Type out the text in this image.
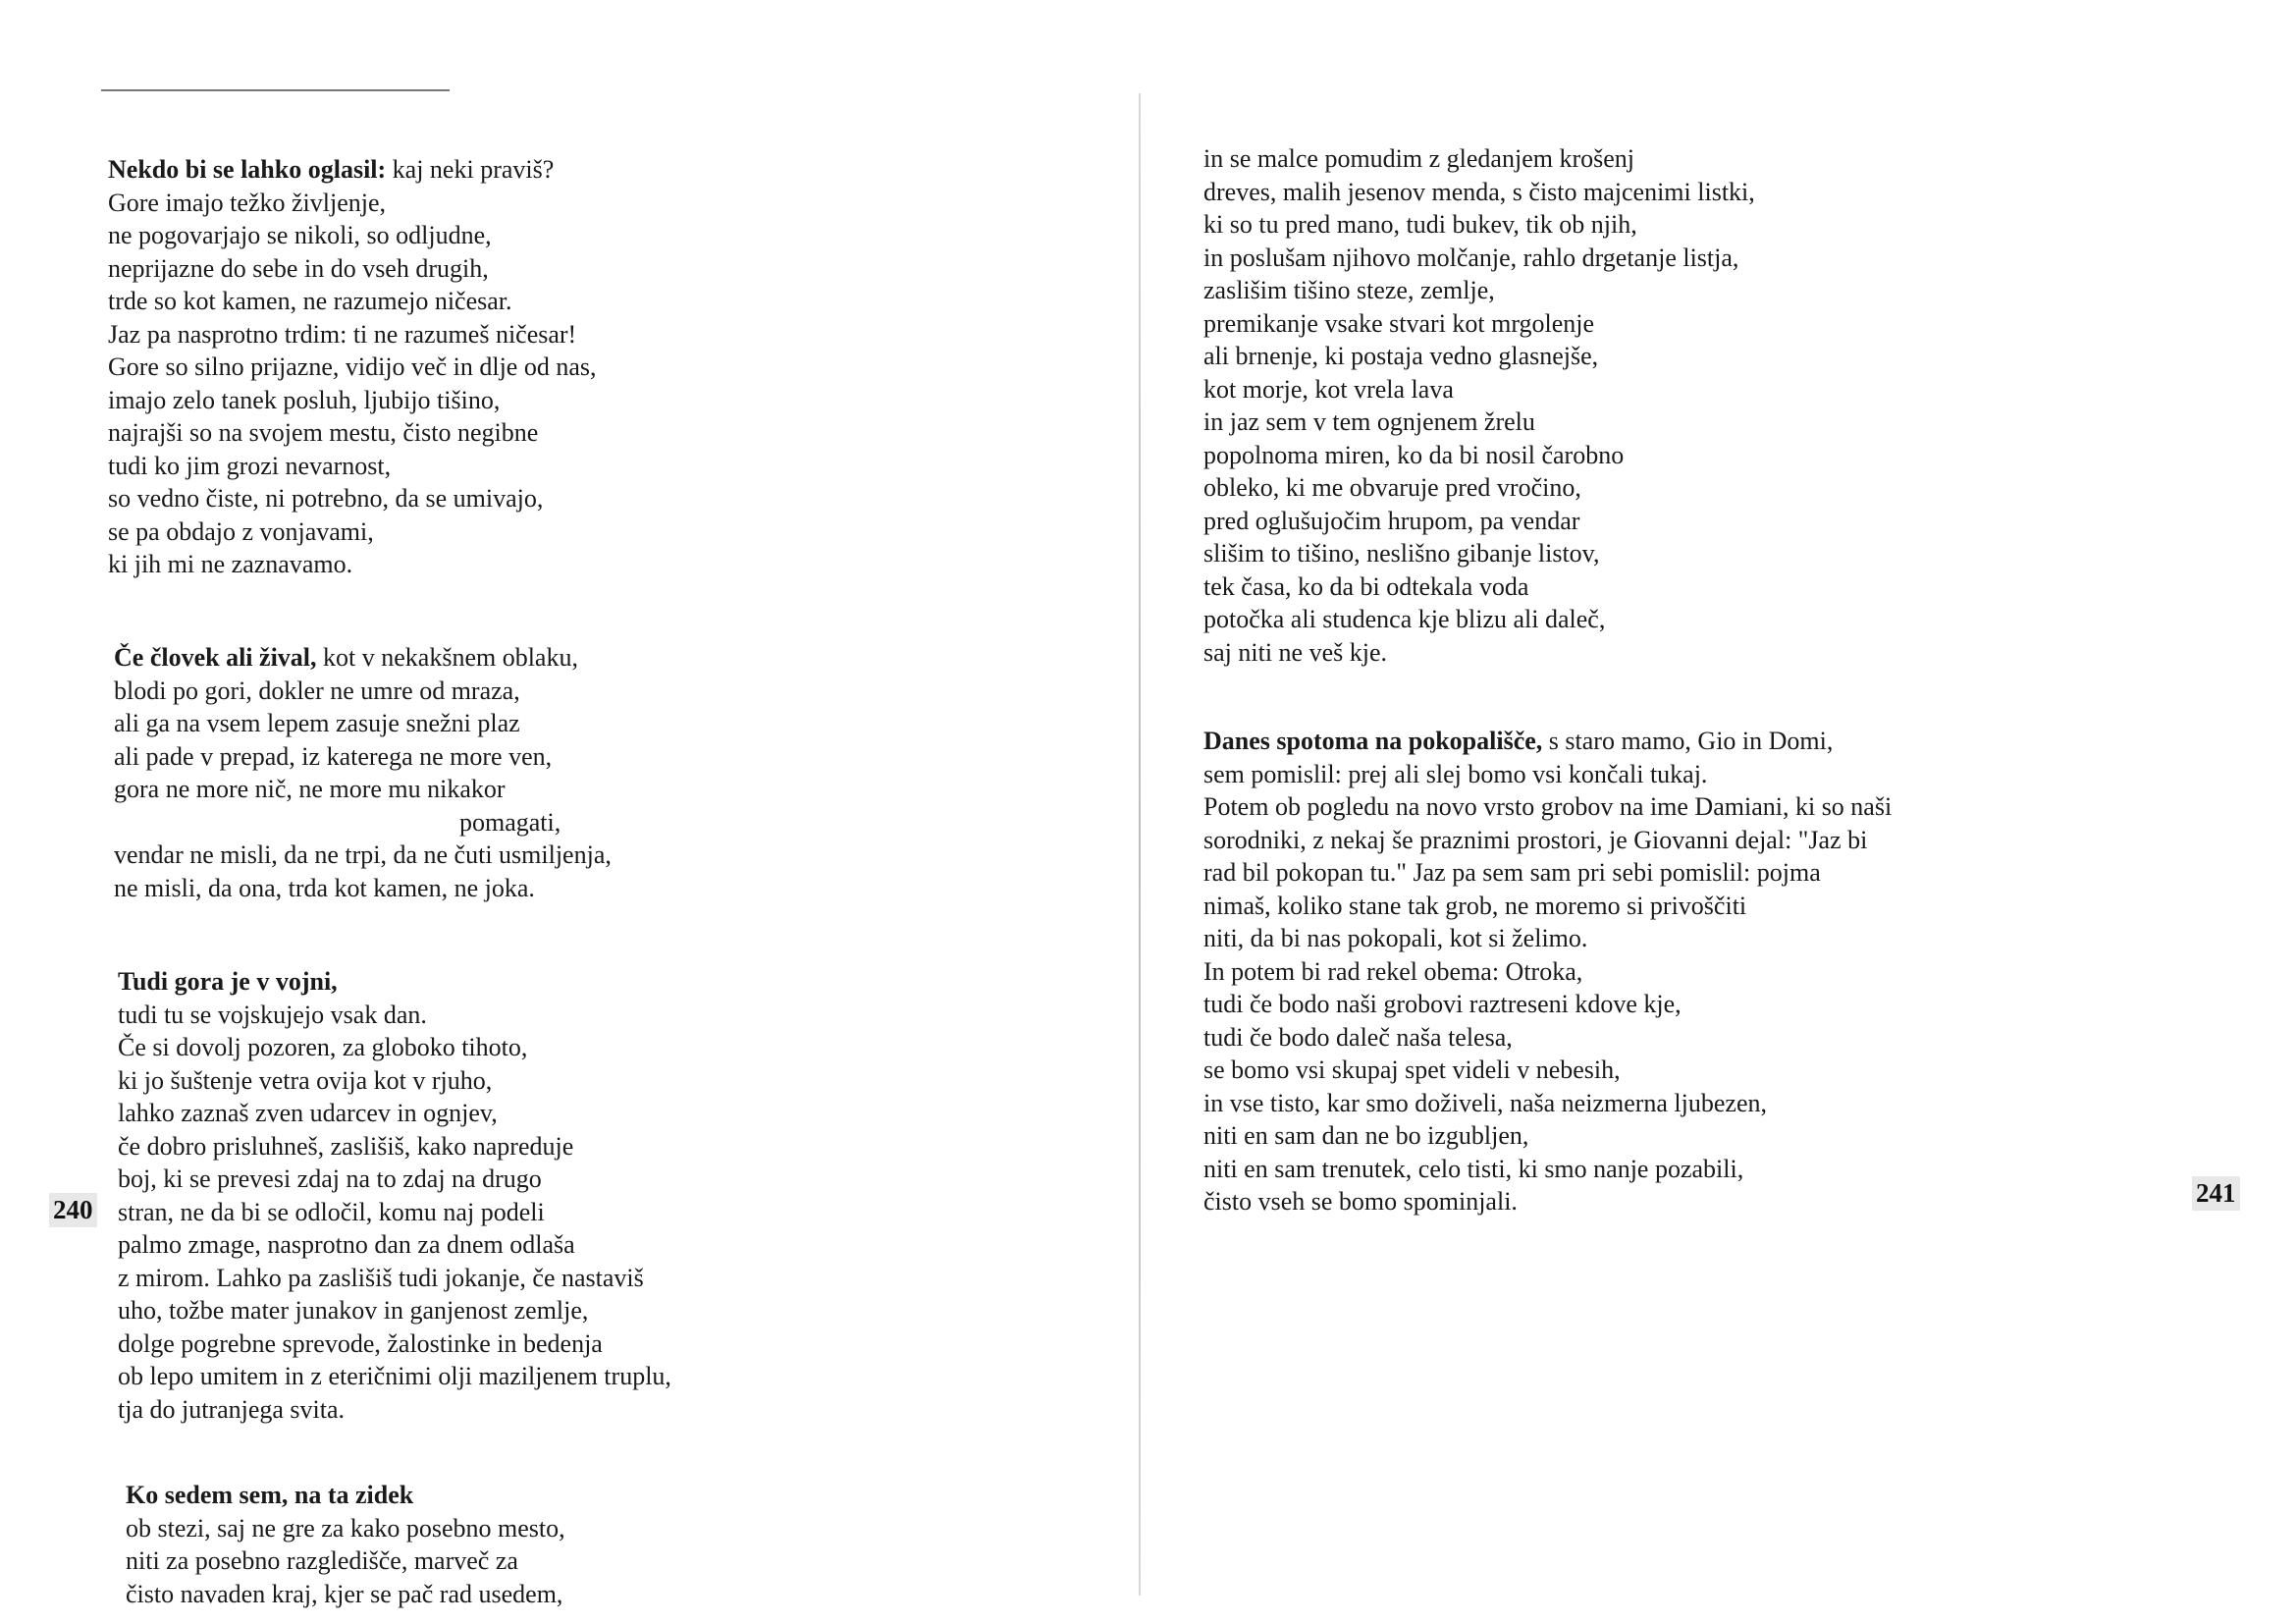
Nekdo bi se lahko oglasil: kaj neki praviš?
Gore imajo težko življenje,
ne pogovarjajo se nikoli, so odljudne,
neprijazne do sebe in do vseh drugih,
trde so kot kamen, ne razumejo ničesar.
Jaz pa nasprotno trdim: ti ne razumeš ničesar!
Gore so silno prijazne, vidijo več in dlje od nas,
imajo zelo tanek posluh, ljubijo tišino,
najrajši so na svojem mestu, čisto negibne
tudi ko jim grozi nevarnost,
so vedno čiste, ni potrebno, da se umivajo,
se pa obdajo z vonjavami,
ki jih mi ne zaznavamo.
Če človek ali žival, kot v nekakšnem oblaku,
blodi po gori, dokler ne umre od mraza,
ali ga na vsem lepem zasuje snežni plaz
ali pade v prepad, iz katerega ne more ven,
gora ne more nič, ne more mu nikakor
pomagati,
vendar ne misli, da ne trpi, da ne čuti usmiljenja,
ne misli, da ona, trda kot kamen, ne joka.
Tudi gora je v vojni,
tudi tu se vojskujejo vsak dan.
Če si dovolj pozoren, za globoko tihoto,
ki jo šuštenje vetra ovija kot v rjuho,
lahko zaznaš zven udarcev in ognjev,
če dobro prisluhneš, zaslišiš, kako napreduje
boj, ki se prevesi zdaj na to zdaj na drugo
stran, ne da bi se odločil, komu naj podeli
palmo zmage, nasprotno dan za dnem odlaša
z mirom. Lahko pa zaslišiš tudi jokanje, če nastaviš
uho, tožbe mater junakov in ganjenost zemlje,
dolge pogrebne sprevode, žalostinke in bedenja
ob lepo umitem in z eteričnimi olji maziljenem truplu,
tja do jutranjega svita.
Ko sedem sem, na ta zidek
ob stezi, saj ne gre za kako posebno mesto,
niti za posebno razgledišče, marveč za
čisto navaden kraj, kjer se pač rad usedem,
240
in se malce pomudim z gledanjem krošenj
dreves, malih jesenov menda, s čisto majcenimi listki,
ki so tu pred mano, tudi bukev, tik ob njih,
in poslušam njihovo molčanje, rahlo drgetanje listja,
zaslišim tišino steze, zemlje,
premikanje vsake stvari kot mrgolenje
ali brnenje, ki postaja vedno glasnejše,
kot morje, kot vrela lava
in jaz sem v tem ognjenem žrelu
popolnoma miren, ko da bi nosil čarobno
obleko, ki me obvaruje pred vročino,
pred oglušujočim hrupom, pa vendar
slišim to tišino, neslišno gibanje listov,
tek časa, ko da bi odtekala voda
potočka ali studenca kje blizu ali daleč,
saj niti ne veš kje.
Danes spotoma na pokopališče, s staro mamo, Gio in Domi,
sem pomislil: prej ali slej bomo vsi končali tukaj.
Potem ob pogledu na novo vrsto grobov na ime Damiani, ki so naši
sorodniki, z nekaj še praznimi prostori, je Giovanni dejal: "Jaz bi
rad bil pokopan tu." Jaz pa sem sam pri sebi pomislil: pojma
nimaš, koliko stane tak grob, ne moremo si privoščiti
niti, da bi nas pokopali, kot si želimo.
In potem bi rad rekel obema: Otroka,
tudi če bodo naši grobovi raztreseni kdove kje,
tudi če bodo daleč naša telesa,
se bomo vsi skupaj spet videli v nebesih,
in vse tisto, kar smo doživeli, naša neizmerna ljubezen,
niti en sam dan ne bo izgubljen,
niti en sam trenutek, celo tisti, ki smo nanje pozabili,
čisto vseh se bomo spominjali.	241
